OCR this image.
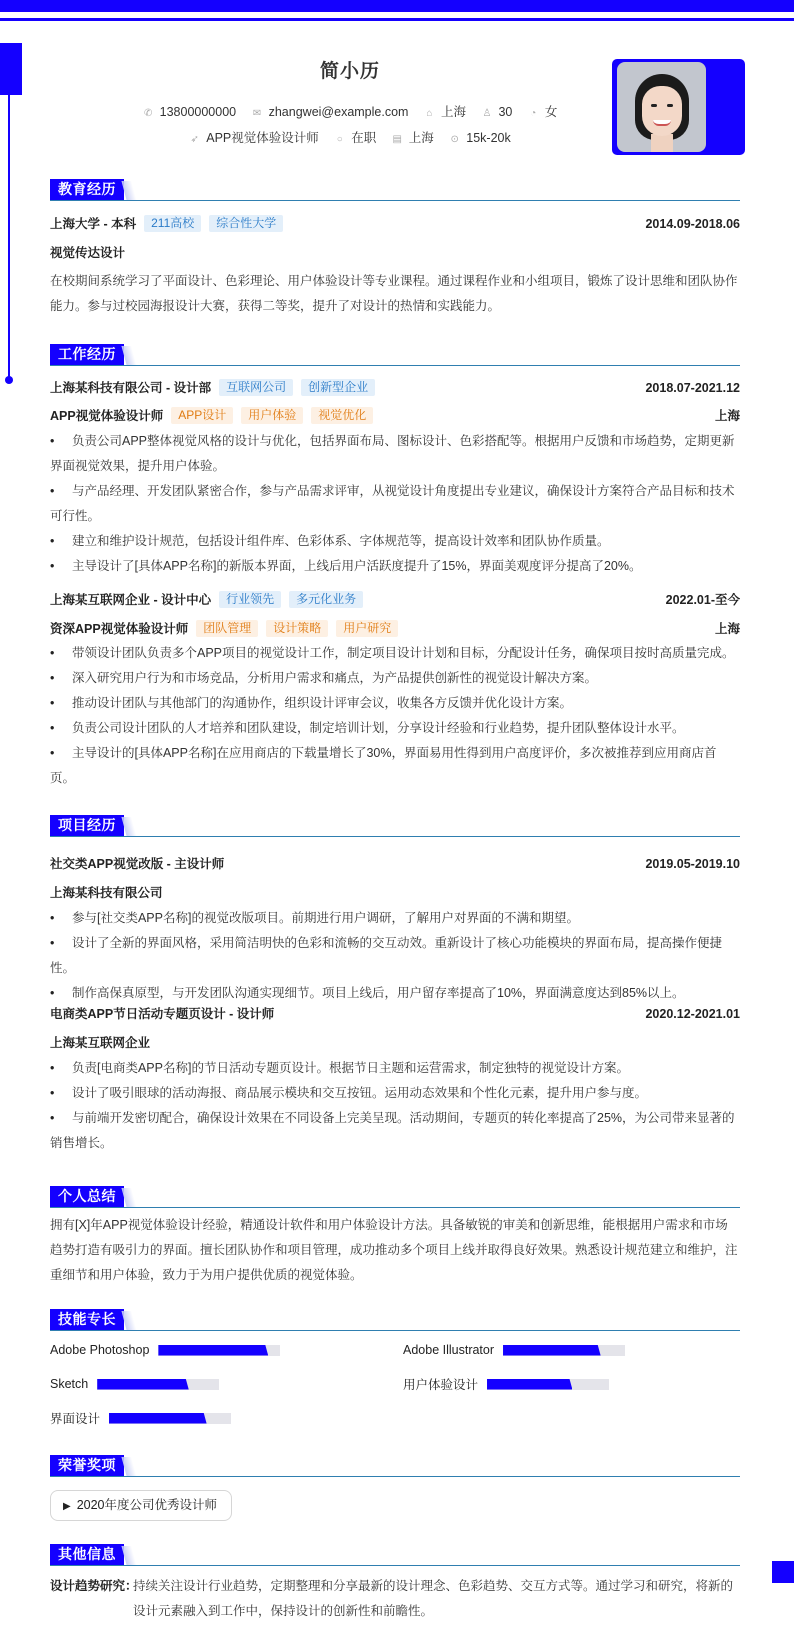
简小历
✆ 13800000000 ✉ zhangwei@example.com ⌂ 上海 ♙ 30 ◔ 女
➶ APP视觉体验设计师 ○ 在职 ▤ 上海 ⊙ 15k-20k
教育经历
上海大学 - 本科 211高校 综合性大学	2014.09-2018.06
视觉传达设计
在校期间系统学习了平面设计、色彩理论、用户体验设计等专业课程。通过课程作业和小组项目，锻炼了设计思维和团队协作能力。参与过校园海报设计大赛，获得二等奖，提升了对设计的热情和实践能力。
工作经历
上海某科技有限公司 - 设计部 互联网公司 创新型企业	2018.07-2021.12
APP视觉体验设计师 APP设计 用户体验 视觉优化	上海
• 负责公司APP整体视觉风格的设计与优化，包括界面布局、图标设计、色彩搭配等。根据用户反馈和市场趋势，定期更新界面视觉效果，提升用户体验。
• 与产品经理、开发团队紧密合作，参与产品需求评审，从视觉设计角度提出专业建议，确保设计方案符合产品目标和技术可行性。
• 建立和维护设计规范，包括设计组件库、色彩体系、字体规范等，提高设计效率和团队协作质量。
• 主导设计了[具体APP名称]的新版本界面，上线后用户活跃度提升了15%，界面美观度评分提高了20%。
上海某互联网企业 - 设计中心 行业领先 多元化业务	2022.01-至今
资深APP视觉体验设计师 团队管理 设计策略 用户研究	上海
• 带领设计团队负责多个APP项目的视觉设计工作，制定项目设计计划和目标，分配设计任务，确保项目按时高质量完成。
• 深入研究用户行为和市场竞品，分析用户需求和痛点，为产品提供创新性的视觉设计解决方案。
• 推动设计团队与其他部门的沟通协作，组织设计评审会议，收集各方反馈并优化设计方案。
• 负责公司设计团队的人才培养和团队建设，制定培训计划，分享设计经验和行业趋势，提升团队整体设计水平。
• 主导设计的[具体APP名称]在应用商店的下载量增长了30%，界面易用性得到用户高度评价，多次被推荐到应用商店首页。
项目经历
社交类APP视觉改版 - 主设计师	2019.05-2019.10
上海某科技有限公司
• 参与[社交类APP名称]的视觉改版项目。前期进行用户调研，了解用户对界面的不满和期望。
• 设计了全新的界面风格，采用简洁明快的色彩和流畅的交互动效。重新设计了核心功能模块的界面布局，提高操作便捷性。
• 制作高保真原型，与开发团队沟通实现细节。项目上线后，用户留存率提高了10%，界面满意度达到85%以上。
电商类APP节日活动专题页设计 - 设计师	2020.12-2021.01
上海某互联网企业
• 负责[电商类APP名称]的节日活动专题页设计。根据节日主题和运营需求，制定独特的视觉设计方案。
• 设计了吸引眼球的活动海报、商品展示模块和交互按钮。运用动态效果和个性化元素，提升用户参与度。
• 与前端开发密切配合，确保设计效果在不同设备上完美呈现。活动期间，专题页的转化率提高了25%，为公司带来显著的销售增长。
个人总结
拥有[X]年APP视觉体验设计经验，精通设计软件和用户体验设计方法。具备敏锐的审美和创新思维，能根据用户需求和市场趋势打造有吸引力的界面。擅长团队协作和项目管理，成功推动多个项目上线并取得良好效果。熟悉设计规范建立和维护，注重细节和用户体验，致力于为用户提供优质的视觉体验。
技能专长
Adobe Photoshop	Adobe Illustrator
Sketch	用户体验设计
界面设计
荣誉奖项
▶ 2020年度公司优秀设计师
其他信息
设计趋势研究：
持续关注设计行业趋势，定期整理和分享最新的设计理念、色彩趋势、交互方式等。通过学习和研究，将新的设计元素融入到工作中，保持设计的创新性和前瞻性。
